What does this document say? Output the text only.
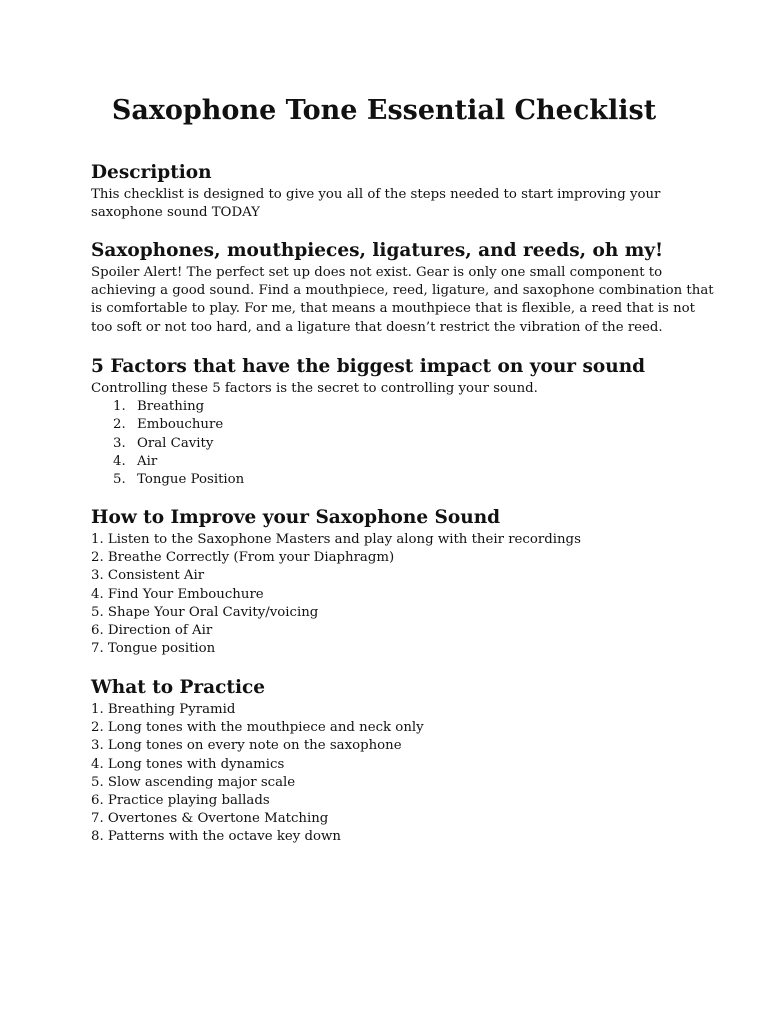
Saxophone Tone Essential Checklist
Description

This checklist is designed to give you all of the steps needed to start improving your

saxophone sound TODAY

Saxophones, mouthpieces, ligatures, and reeds, oh my!

Spoiler Alert! The perfect set up does not exist. Gear is only one small component to

achieving a good sound. Find a mouthpiece, reed, ligature, and saxophone combination that

is comfortable to play. For me, that means a mouthpiece that is flexible, a reed that is not

too soft or not too hard, and a ligature that doesn’t restrict the vibration of the reed.

5 Factors that have the biggest impact on your sound

Controlling these 5 factors is the secret to controlling your sound.

1. Breathing
2. Embouchure
3. Oral Cavity
4. Air
5. Tongue Position
How to Improve your Saxophone Sound
1. Listen to the Saxophone Masters and play along with their recordings
2. Breathe Correctly (From your Diaphragm)
3. Consistent Air
4. Find Your Embouchure
5. Shape Your Oral Cavity/voicing
6. Direction of Air
7. Tongue position
What to Practice
1. Breathing Pyramid
2. Long tones with the mouthpiece and neck only
3. Long tones on every note on the saxophone
4. Long tones with dynamics
5. Slow ascending major scale
6. Practice playing ballads
7. Overtones & Overtone Matching
8. Patterns with the octave key down
